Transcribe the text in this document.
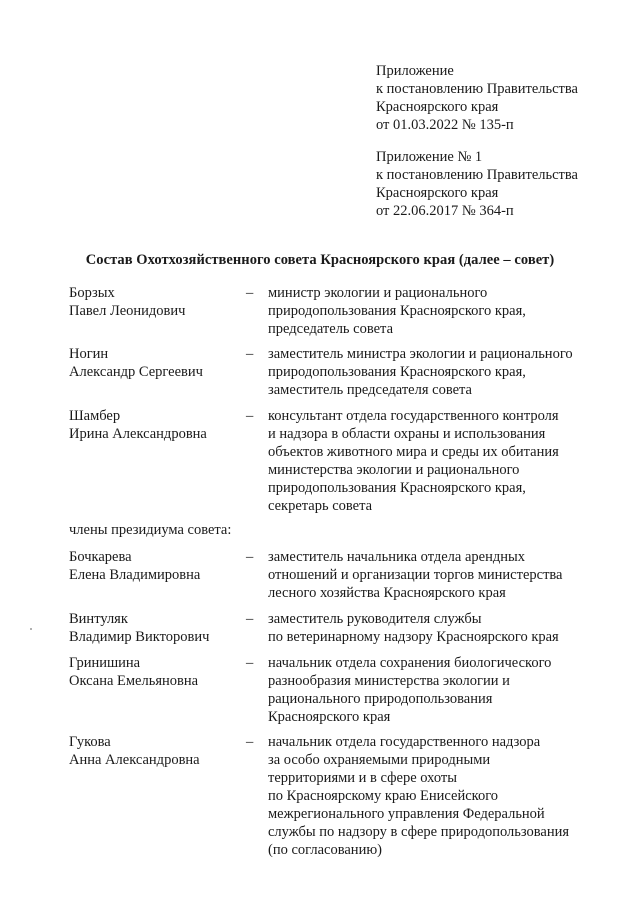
Приложение
к постановлению Правительства
Красноярского края
от 01.03.2022 № 135-п
Приложение № 1
к постановлению Правительства
Красноярского края
от 22.06.2017 № 364-п
Состав Охотхозяйственного совета Красноярского края (далее – совет)
Борзых
Павел Леонидович
– министр экологии и рационального
природопользования Красноярского края,
председатель совета
Ногин
Александр Сергеевич
– заместитель министра экологии и рационального
природопользования Красноярского края,
заместитель председателя совета
Шамбер
Ирина Александровна
– консультант отдела государственного контроля
и надзора в области охраны и использования
объектов животного мира и среды их обитания
министерства экологии и рационального
природопользования Красноярского края,
секретарь совета
члены президиума совета:
Бочкарева
Елена Владимировна
– заместитель начальника отдела арендных
отношений и организации торгов министерства
лесного хозяйства Красноярского края
Винтуляк
Владимир Викторович
– заместитель руководителя службы
по ветеринарному надзору Красноярского края
Гринишина
Оксана Емельяновна
– начальник отдела сохранения биологического
разнообразия министерства экологии и
рационального природопользования
Красноярского края
Гукова
Анна Александровна
– начальник отдела государственного надзора
за особо охраняемыми природными
территориями и в сфере охоты
по Красноярскому краю Енисейского
межрегионального управления Федеральной
службы по надзору в сфере природопользования
(по согласованию)
